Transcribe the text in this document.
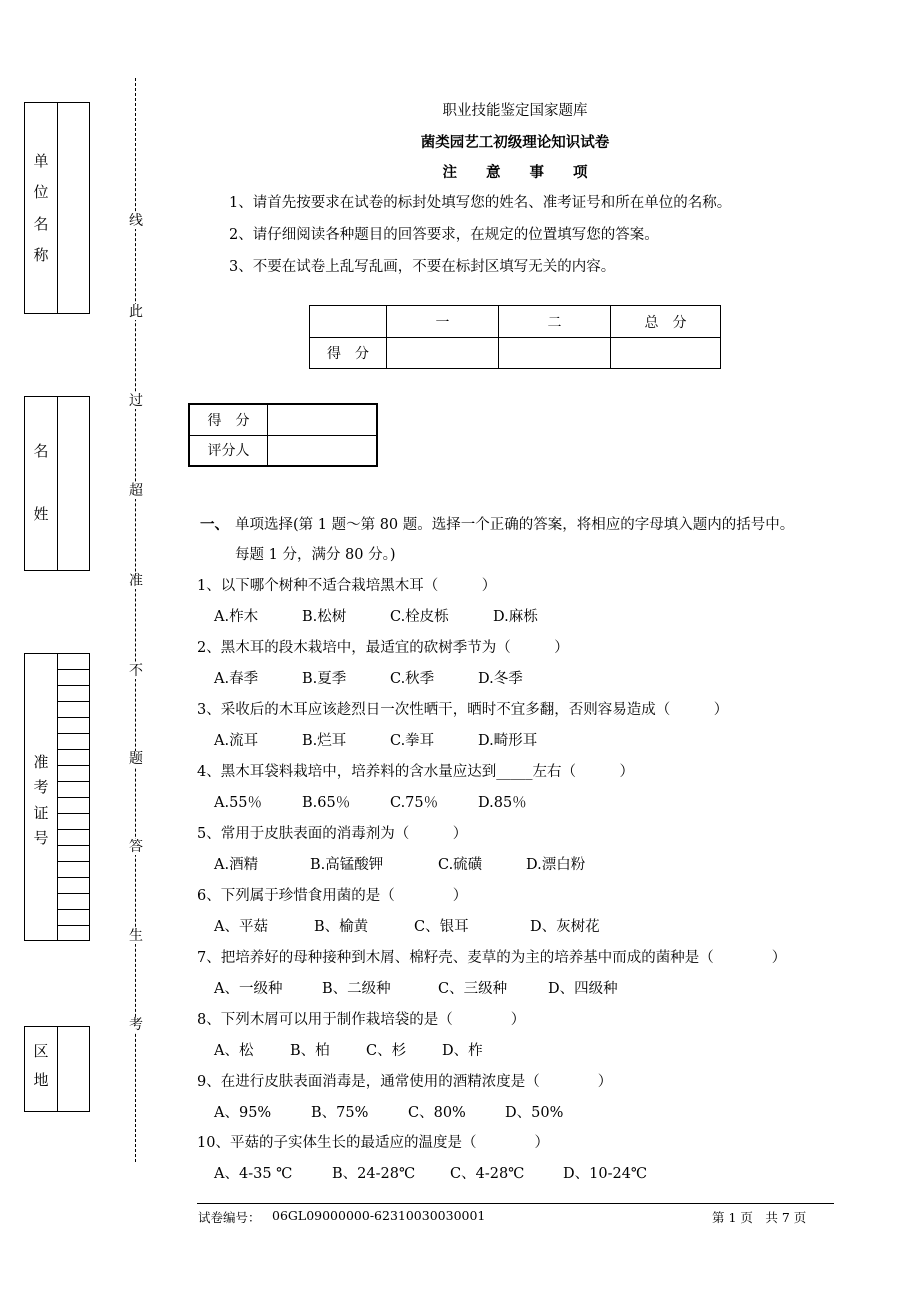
单
位
名
称
名
姓
准
考
证
号
区
地
线
此
过
超
准
不
题
答
生
考
职业技能鉴定国家题库
菌类园艺工初级理论知识试卷
注　　意　　事　　项
1、请首先按要求在试卷的标封处填写您的姓名、准考证号和所在单位的名称。
2、请仔细阅读各种题目的回答要求，在规定的位置填写您的答案。
3、不要在试卷上乱写乱画，不要在标封区填写无关的内容。
	一	二	总　分
得　分			
得　分	
评分人	
一、 单项选择(第 1 题～第 80 题。选择一个正确的答案，将相应的字母填入题内的括号中。
每题 1 分，满分 80 分。)
1、以下哪个树种不适合栽培黑木耳（　　　）
A.柞木	B.松树	C.栓皮栎	D.麻栎
2、黑木耳的段木栽培中，最适宜的砍树季节为（　　　）
A.春季	B.夏季	C.秋季	D.冬季
3、采收后的木耳应该趁烈日一次性晒干，晒时不宜多翻，否则容易造成（　　　）
A.流耳	B.烂耳	C.拳耳	D.畸形耳
4、黑木耳袋料栽培中，培养料的含水量应达到_____左右（　　　）
A.55％	B.65％	C.75％	D.85％
5、常用于皮肤表面的消毒剂为（　　　）
A.酒精	B.高锰酸钾	C.硫磺	D.漂白粉
6、下列属于珍惜食用菌的是（　　　　）
A、平菇	B、榆黄	C、银耳	D、灰树花
7、把培养好的母种接种到木屑、棉籽壳、麦草的为主的培养基中而成的菌种是（　　　　）
A、一级种	B、二级种	C、三级种	D、四级种
8、下列木屑可以用于制作栽培袋的是（　　　　）
A、松	B、柏	C、杉 D、柞
9、在进行皮肤表面消毒是，通常使用的酒精浓度是（　　　　）
A、95%	B、75%	C、80%	D、50%
10、平菇的子实体生长的最适应的温度是（　　　　）
A、4-35 ℃	B、24-28℃ C、4-28℃	D、10-24℃
试卷编号： 06GL09000000-62310030030001	第 1 页　共 7 页
